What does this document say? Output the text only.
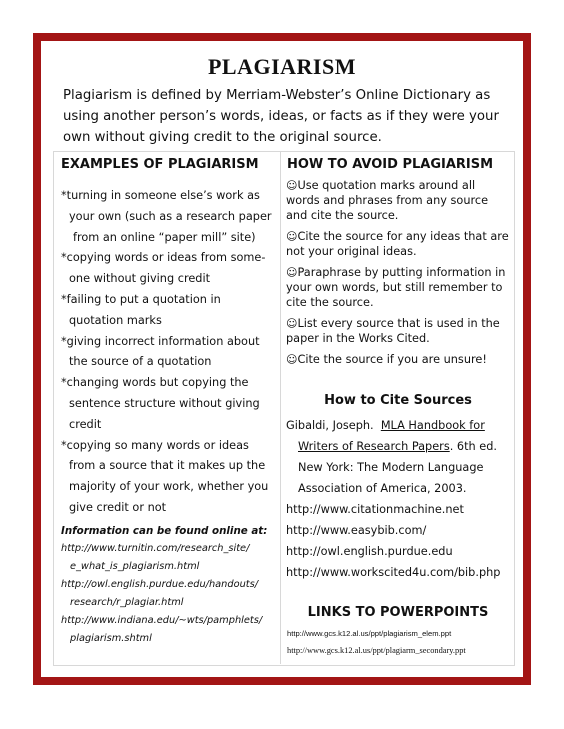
PLAGIARISM
Plagiarism is defined by Merriam-Webster’s Online Dictionary as using another person’s words, ideas, or facts as if they were your own without giving credit to the original source.
EXAMPLES OF PLAGIARISM HOW TO AVOID PLAGIARISM
*turning in someone else’s work as
your own (such as a research paper
from an online “paper mill” site)
*copying words or ideas from some-
one without giving credit
*failing to put a quotation in
quotation marks
*giving incorrect information about
the source of a quotation
*changing words but copying the
sentence structure without giving
credit
*copying so many words or ideas
from a source that it makes up the
majority of your work, whether you
give credit or not
Information can be found online at:
http://www.turnitin.com/research_site/
e_what_is_plagiarism.html
http://owl.english.purdue.edu/handouts/
research/r_plagiar.html
http://www.indiana.edu/~wts/pamphlets/
plagiarism.shtml
☺Use quotation marks around all words and phrases from any source and cite the source.
☺Cite the source for any ideas that are not your original ideas.
☺Paraphrase by putting information in your own words, but still remember to cite the source.
☺List every source that is used in the paper in the Works Cited.
☺Cite the source if you are unsure!
How to Cite Sources
Gibaldi, Joseph. MLA Handbook for
Writers of Research Papers. 6th ed.
New York: The Modern Language
Association of America, 2003.
http://www.citationmachine.net
http://www.easybib.com/
http://owl.english.purdue.edu
http://www.workscited4u.com/bib.php
LINKS TO POWERPOINTS
http://www.gcs.k12.al.us/ppt/plagiarism_elem.ppt
http://www.gcs.k12.al.us/ppt/plagiarm_secondary.ppt
